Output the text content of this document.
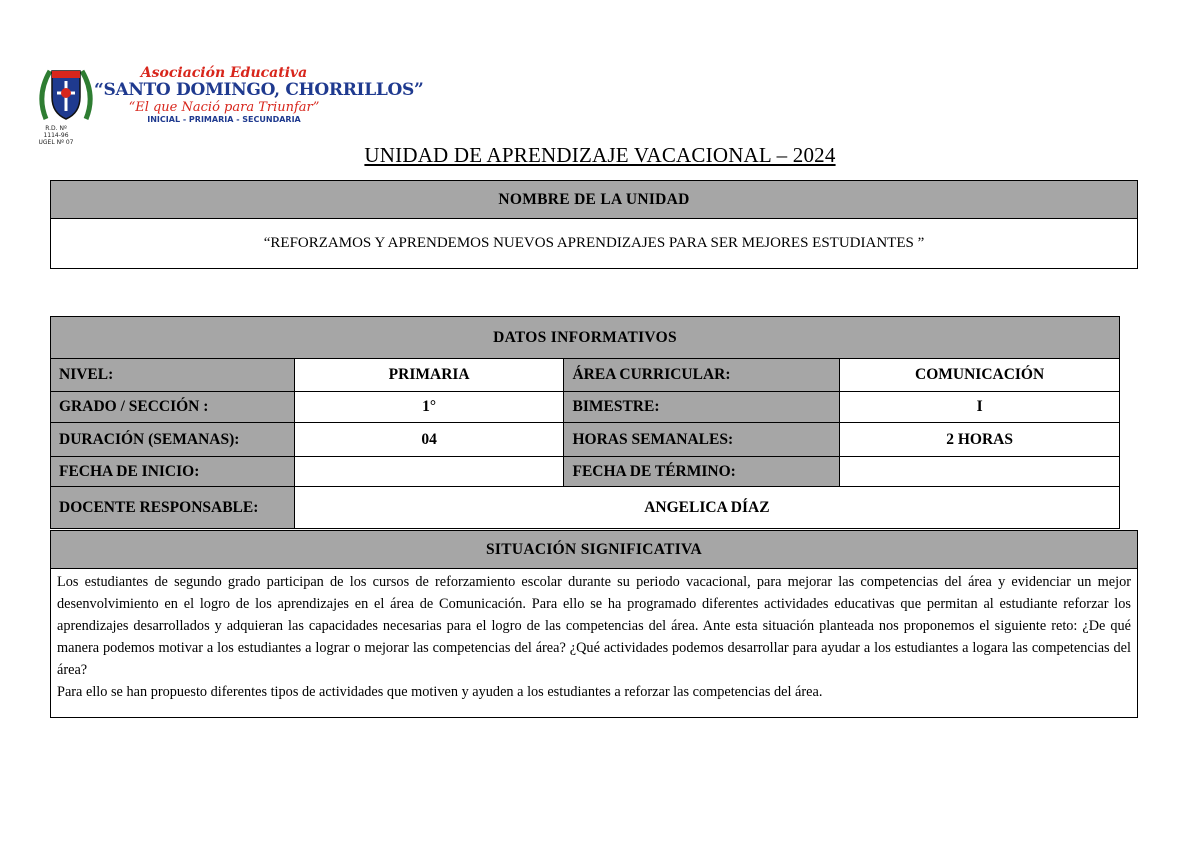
R.D. Nº 1114-96
UGEL Nº 07
Asociación Educativa
“SANTO DOMINGO, CHORRILLOS”
“El que Nació para Triunfar”
INICIAL - PRIMARIA - SECUNDARIA
UNIDAD DE APRENDIZAJE VACACIONAL – 2024
NOMBRE DE LA UNIDAD
“REFORZAMOS Y APRENDEMOS NUEVOS APRENDIZAJES PARA SER MEJORES ESTUDIANTES ”
DATOS INFORMATIVOS			
NIVEL:	PRIMARIA	ÁREA CURRICULAR:	COMUNICACIÓN
GRADO / SECCIÓN :	1°	BIMESTRE:	I
DURACIÓN (SEMANAS):	04	HORAS SEMANALES:	2 HORAS
FECHA DE INICIO:		FECHA DE TÉRMINO:	
DOCENTE RESPONSABLE:	ANGELICA DÍAZ		
SITUACIÓN SIGNIFICATIVA

Los estudiantes de segundo grado participan de los cursos de reforzamiento escolar durante su periodo vacacional, para mejorar las competencias del área y evidenciar un mejor desenvolvimiento en el logro de los aprendizajes en el área de Comunicación. Para ello se ha programado diferentes actividades educativas que permitan al estudiante reforzar los aprendizajes desarrollados y adquieran las capacidades necesarias para el logro de las competencias del área. Ante esta situación planteada nos proponemos el siguiente reto: ¿De qué manera podemos motivar a los estudiantes a lograr o mejorar las competencias del área? ¿Qué actividades podemos desarrollar para ayudar a los estudiantes a logara las competencias del área?

Para ello se han propuesto diferentes tipos de actividades que motiven y ayuden a los estudiantes a reforzar las competencias del área.
